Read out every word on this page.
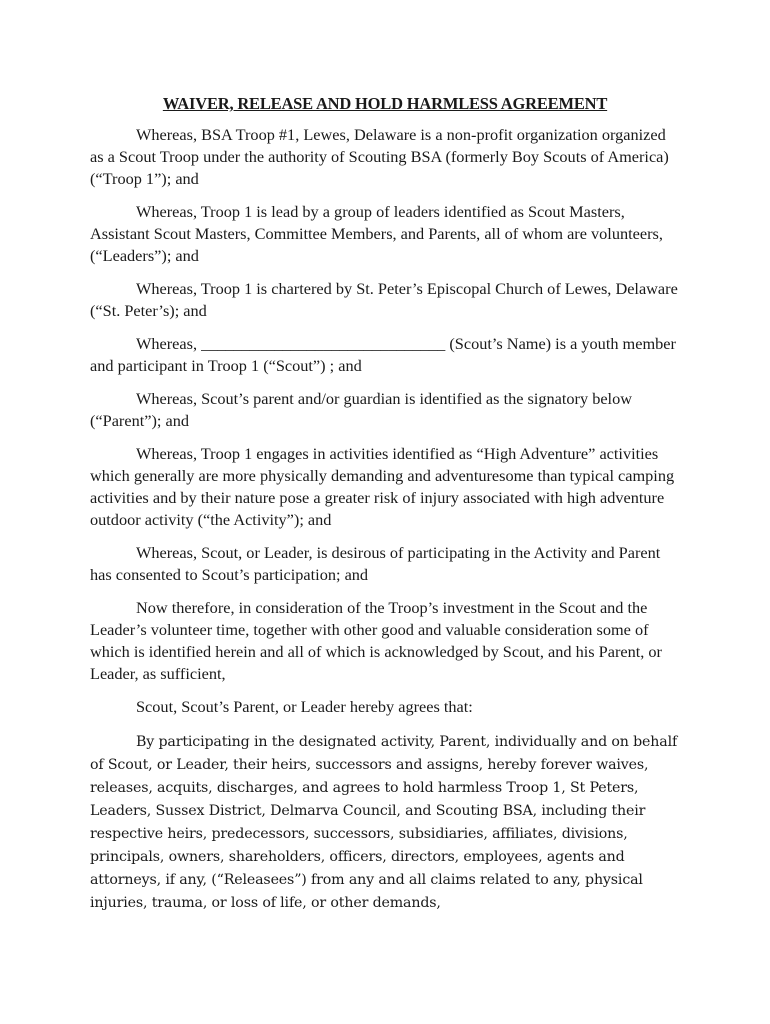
WAIVER, RELEASE AND HOLD HARMLESS AGREEMENT

Whereas, BSA Troop #1, Lewes, Delaware is a non-profit organization organized as a Scout Troop under the authority of Scouting BSA (formerly Boy Scouts of America) (“Troop 1”); and

Whereas, Troop 1 is lead by a group of leaders identified as Scout Masters, Assistant Scout Masters, Committee Members, and Parents, all of whom are volunteers, (“Leaders”); and

Whereas, Troop 1 is chartered by St. Peter’s Episcopal Church of Lewes, Delaware (“St. Peter’s); and

Whereas, ______________________________ (Scout’s Name) is a youth member and participant in Troop 1 (“Scout”) ; and

Whereas, Scout’s parent and/or guardian is identified as the signatory below (“Parent”); and

Whereas, Troop 1 engages in activities identified as “High Adventure” activities which generally are more physically demanding and adventuresome than typical camping activities and by their nature pose a greater risk of injury associated with high adventure outdoor activity (“the Activity”); and

Whereas, Scout, or Leader, is desirous of participating in the Activity and Parent has consented to Scout’s participation; and

Now therefore, in consideration of the Troop’s investment in the Scout and the Leader’s volunteer time, together with other good and valuable consideration some of which is identified herein and all of which is acknowledged by Scout, and his Parent, or Leader, as sufficient,

Scout, Scout’s Parent, or Leader hereby agrees that:

By participating in the designated activity, Parent, individually and on behalf of Scout, or Leader, their heirs, successors and assigns, hereby forever waives, releases, acquits, discharges, and agrees to hold harmless Troop 1, St Peters, Leaders, Sussex District, Delmarva Council, and Scouting BSA, including their respective heirs, predecessors, successors, subsidiaries, affiliates, divisions, principals, owners, shareholders, officers, directors, employees, agents and attorneys, if any, (“Releasees”) from any and all claims related to any, physical injuries, trauma, or loss of life, or other demands,
